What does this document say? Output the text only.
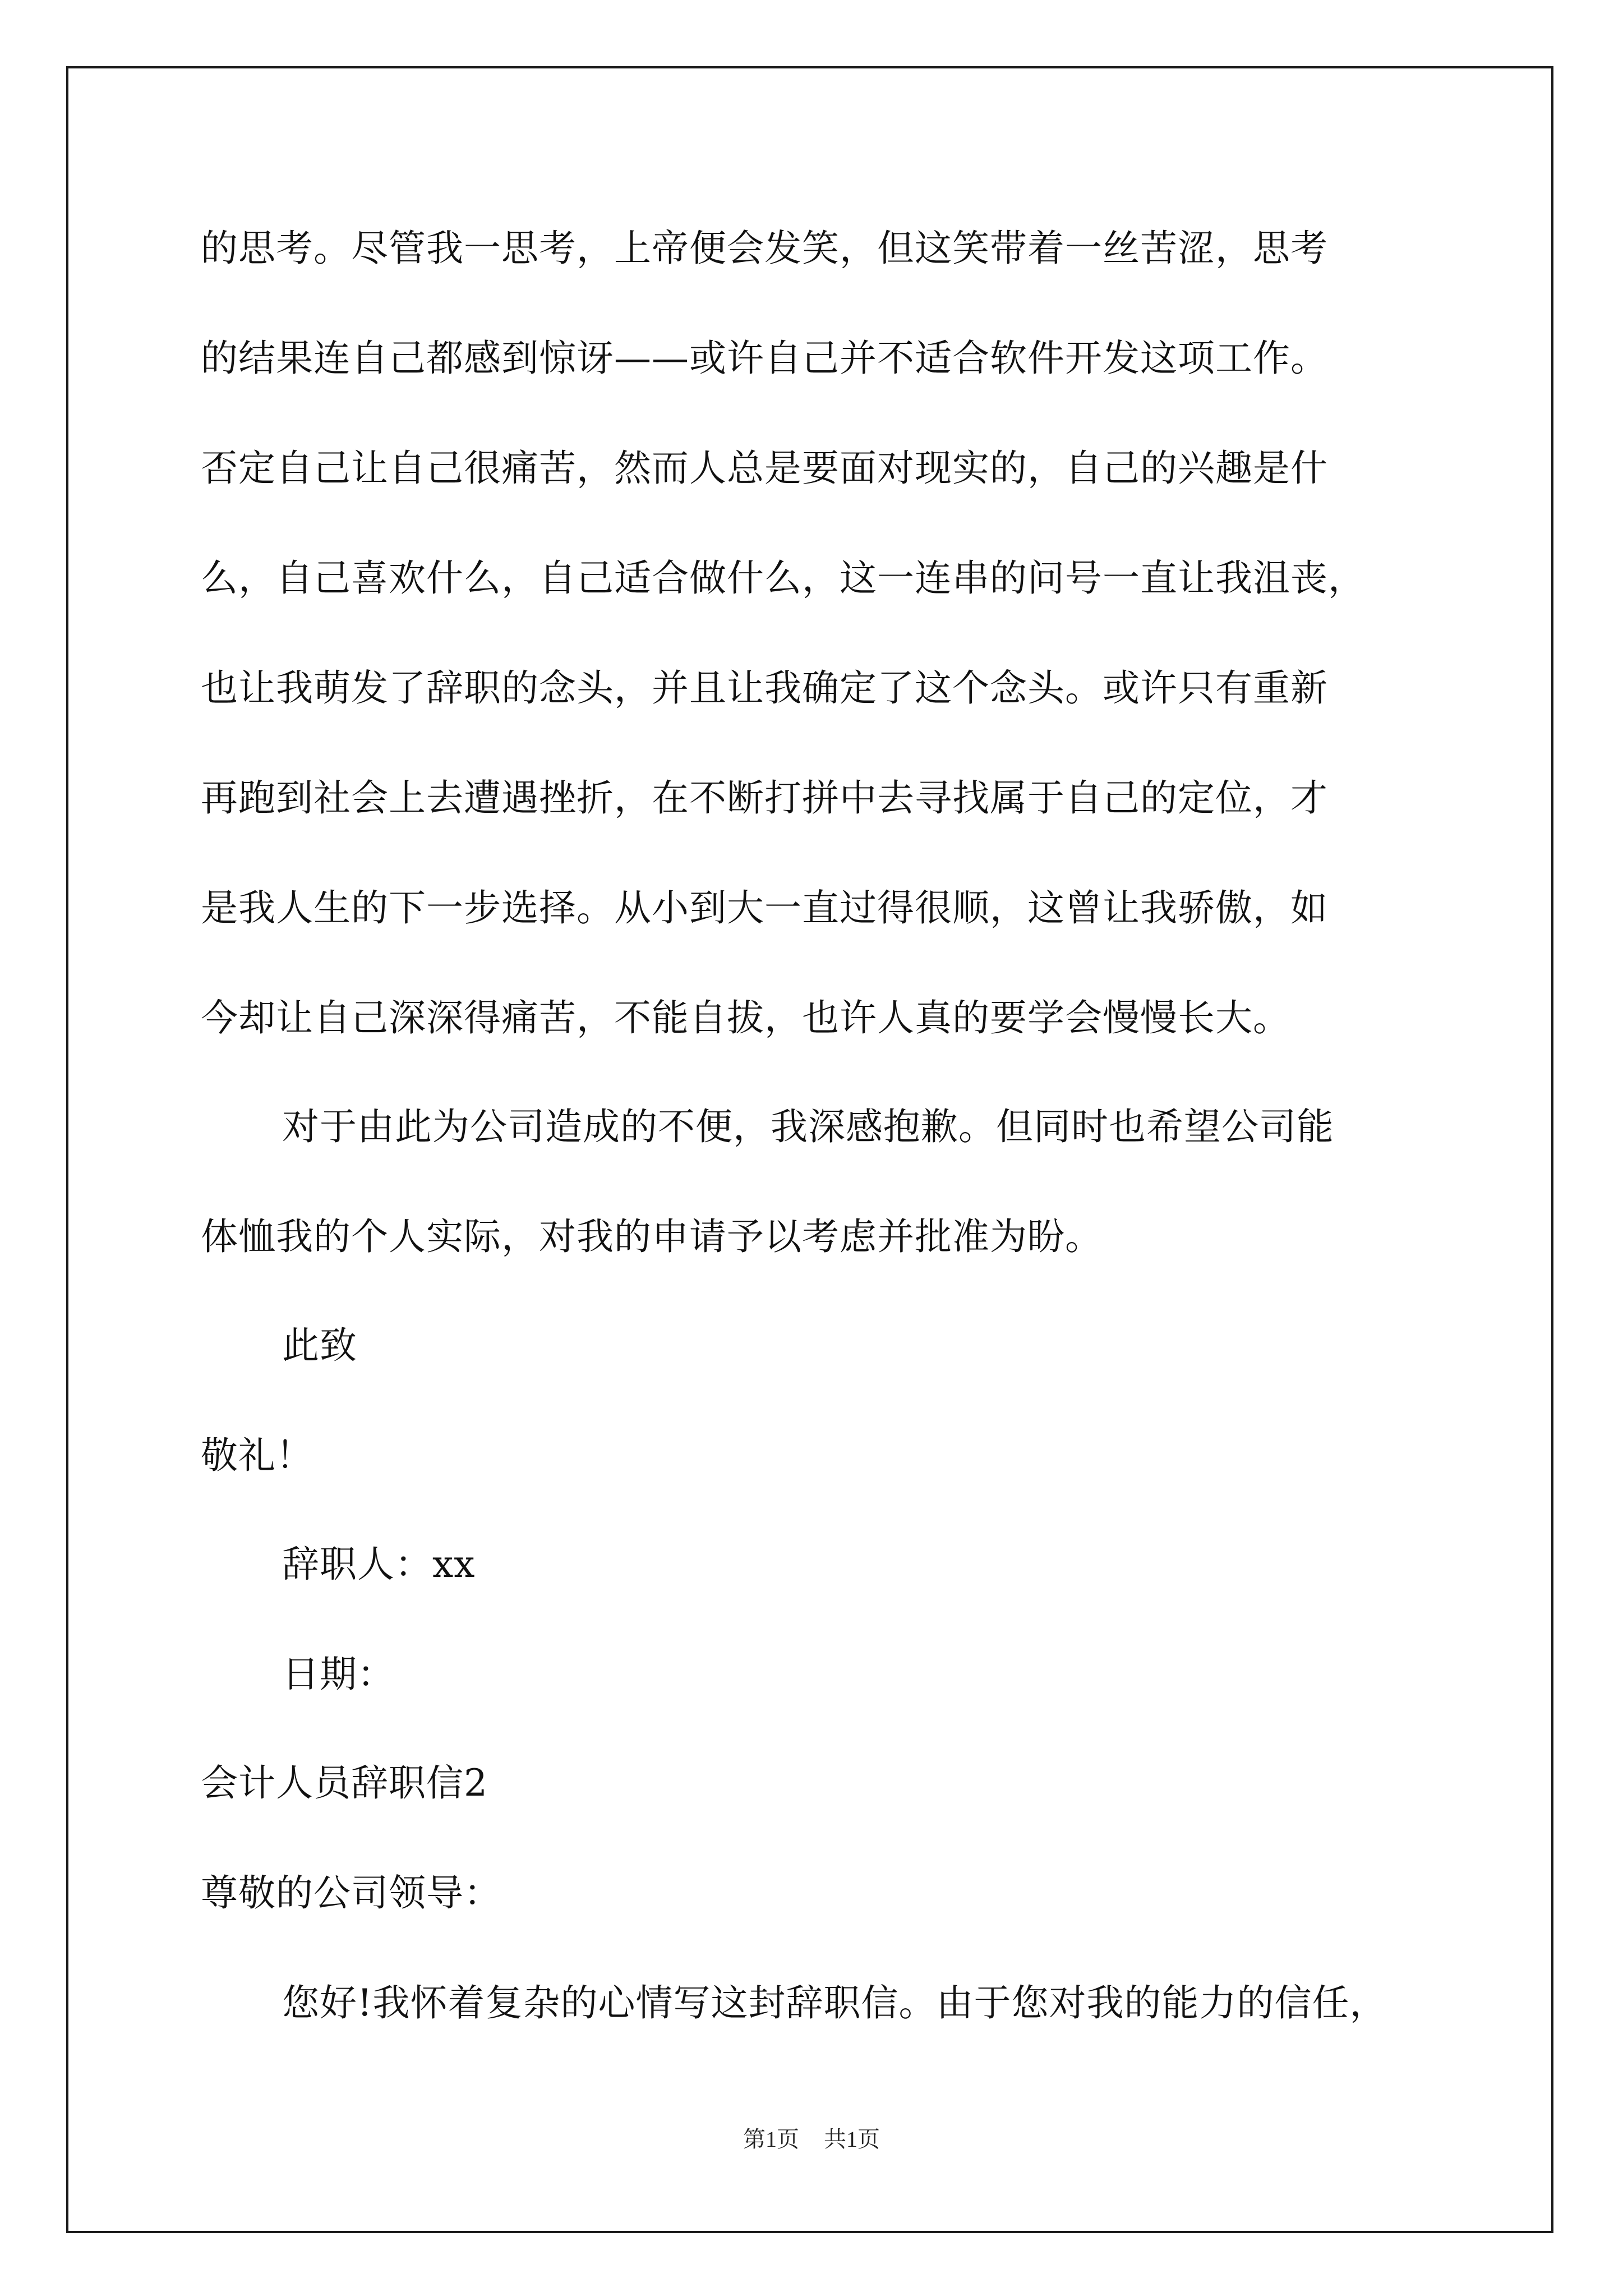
的思考。尽管我一思考，上帝便会发笑，但这笑带着一丝苦涩，思考
的结果连自己都感到惊讶——或许自己并不适合软件开发这项工作。
否定自己让自己很痛苦，然而人总是要面对现实的，自己的兴趣是什
么，自己喜欢什么，自己适合做什么，这一连串的问号一直让我沮丧，
也让我萌发了辞职的念头，并且让我确定了这个念头。或许只有重新
再跑到社会上去遭遇挫折，在不断打拼中去寻找属于自己的定位，才
是我人生的下一步选择。从小到大一直过得很顺，这曾让我骄傲，如
今却让自己深深得痛苦，不能自拔，也许人真的要学会慢慢长大。
对于由此为公司造成的不便，我深感抱歉。但同时也希望公司能
体恤我的个人实际，对我的申请予以考虑并批准为盼。
此致
敬礼！
辞职人：xx
日期：
会计人员辞职信2
尊敬的公司领导：
您好!我怀着复杂的心情写这封辞职信。由于您对我的能力的信任，
第1页 共1页
